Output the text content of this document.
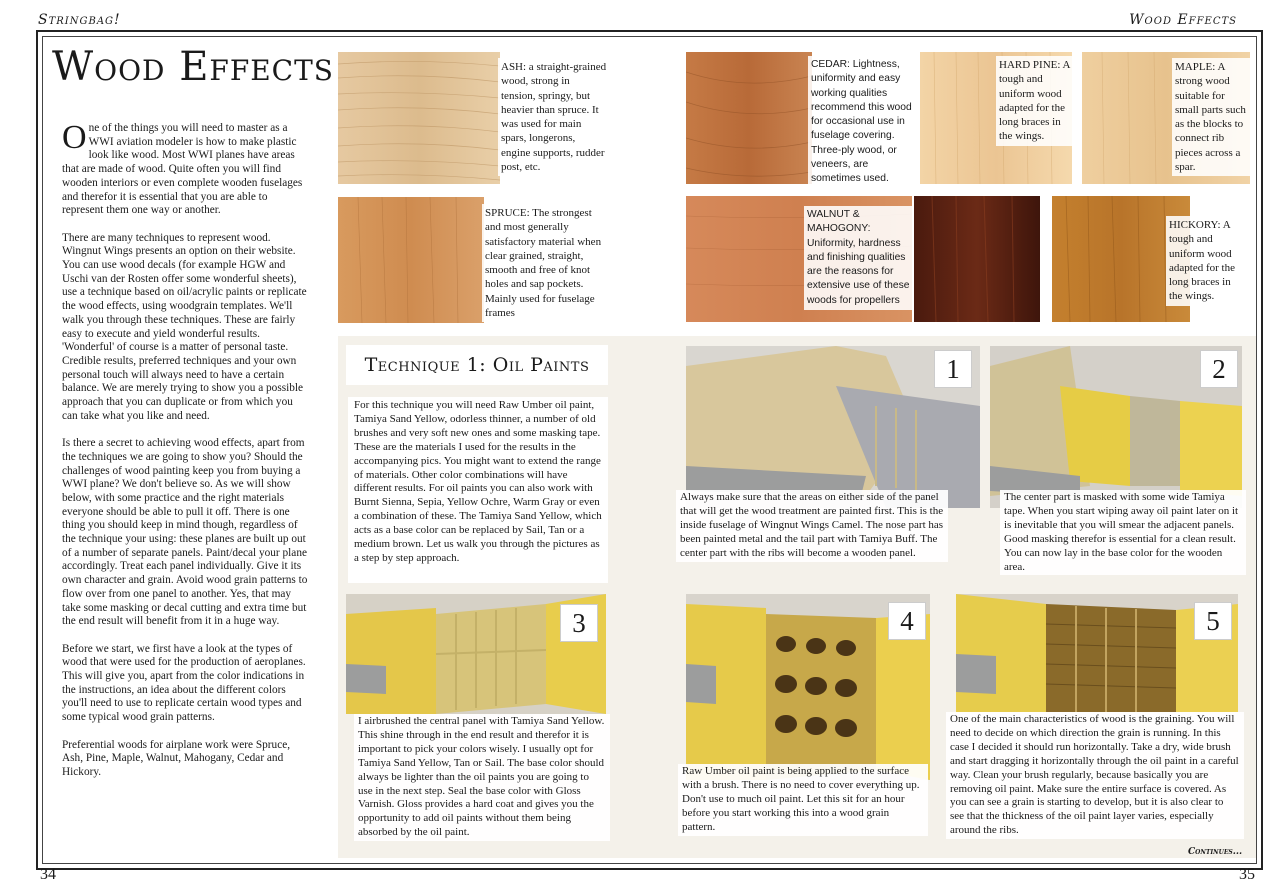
Stringbag!	Wood Effects
Wood Effects

One of the things you will need to master as a WWI aviation modeler is how to make plastic look like wood. Most WWI planes have areas that are made of wood. Quite often you will find wooden interiors or even complete wooden fuselages and therefor it is essential that you are able to represent them one way or another.

There are many techniques to represent wood. Wingnut Wings presents an option on their website. You can use wood decals (for example HGW and Uschi van der Rosten offer some wonderful sheets), use a technique based on oil/acrylic paints or replicate the wood effects, using woodgrain templates. We'll walk you through these techniques. These are fairly easy to execute and yield wonderful results. 'Wonderful' of course is a matter of personal taste. Credible results, preferred techniques and your own personal touch will always need to have a certain balance. We are merely trying to show you a possible approach that you can duplicate or from which you can take what you like and need.

Is there a secret to achieving wood effects, apart from the techniques we are going to show you? Should the challenges of wood painting keep you from buying a WWI plane? We don't believe so. As we will show below, with some practice and the right materials everyone should be able to pull it off. There is one thing you should keep in mind though, regardless of the technique your using: these planes are built up out of a number of separate panels. Paint/decal your plane accordingly. Treat each panel individually. Give it its own character and grain. Avoid wood grain patterns to flow over from one panel to another. Yes, that may take some masking or decal cutting and extra time but the end result will benefit from it in a huge way.

Before we start, we first have a look at the types of wood that were used for the production of aeroplanes. This will give you, apart from the color indications in the instructions, an idea about the different colors you'll need to use to replicate certain wood types and some typical wood grain patterns.

Preferential woods for airplane work were Spruce, Ash, Pine, Maple, Walnut, Mahogany, Cedar and Hickory.

ASH: a straight-grained wood, strong in tension, springy, but heavier than spruce. It was used for main spars, longerons, engine supports, rudder post, etc.
SPRUCE: The strongest and most generally satisfactory material when clear grained, straight, smooth and free of knot holes and sap pockets. Mainly used for fuselage frames
CEDAR: Lightness, uniformity and easy working qualities recommend this wood for occasional use in fuselage covering. Three-ply wood, or veneers, are sometimes used.
HARD PINE: A tough and uniform wood adapted for the long braces in the wings.
MAPLE: A strong wood suitable for small parts such as the blocks to connect rib pieces across a spar.
WALNUT & MAHOGONY: Uniformity, hardness and finishing qualities are the reasons for extensive use of these woods for propellers
HICKORY: A tough and uniform wood adapted for the long braces in the wings.
Technique 1: Oil Paints
For this technique you will need Raw Umber oil paint, Tamiya Sand Yellow, odorless thinner, a number of old brushes and very soft new ones and some masking tape. These are the materials I used for the results in the accompanying pics. You might want to extend the range of materials. Other color combinations will have different results. For oil paints you can also work with Burnt Sienna, Sepia, Yellow Ochre, Warm Gray or even a combination of these. The Tamiya Sand Yellow, which acts as a base color can be replaced by Sail, Tan or a medium brown. Let us walk you through the pictures as a step by step approach.
1
Always make sure that the areas on either side of the panel that will get the wood treatment are painted first. This is the inside fuselage of Wingnut Wings Camel. The nose part has been painted metal and the tail part with Tamiya Buff. The center part with the ribs will become a wooden panel.
2
The center part is masked with some wide Tamiya tape. When you start wiping away oil paint later on it is inevitable that you will smear the adjacent panels. Good masking therefor is essential for a clean result. You can now lay in the base color for the wooden area.
3
I airbrushed the central panel with Tamiya Sand Yellow. This shine through in the end result and therefor it is important to pick your colors wisely. I usually opt for Tamiya Sand Yellow, Tan or Sail. The base color should always be lighter than the oil paints you are going to use in the next step. Seal the base color with Gloss Varnish. Gloss provides a hard coat and gives you the opportunity to add oil paints without them being absorbed by the oil paint.
4
Raw Umber oil paint is being applied to the surface with a brush. There is no need to cover everything up. Don't use to much oil paint. Let this sit for an hour before you start working this into a wood grain pattern.
5
One of the main characteristics of wood is the graining. You will need to decide on which direction the grain is running. In this case I decided it should run horizontally. Take a dry, wide brush and start dragging it horizontally through the oil paint in a careful way. Clean your brush regularly, because basically you are removing oil paint. Make sure the entire surface is covered. As you can see a grain is starting to develop, but it is also clear to see that the thickness of the oil paint layer varies, especially around the ribs.
Continues...
34	35
